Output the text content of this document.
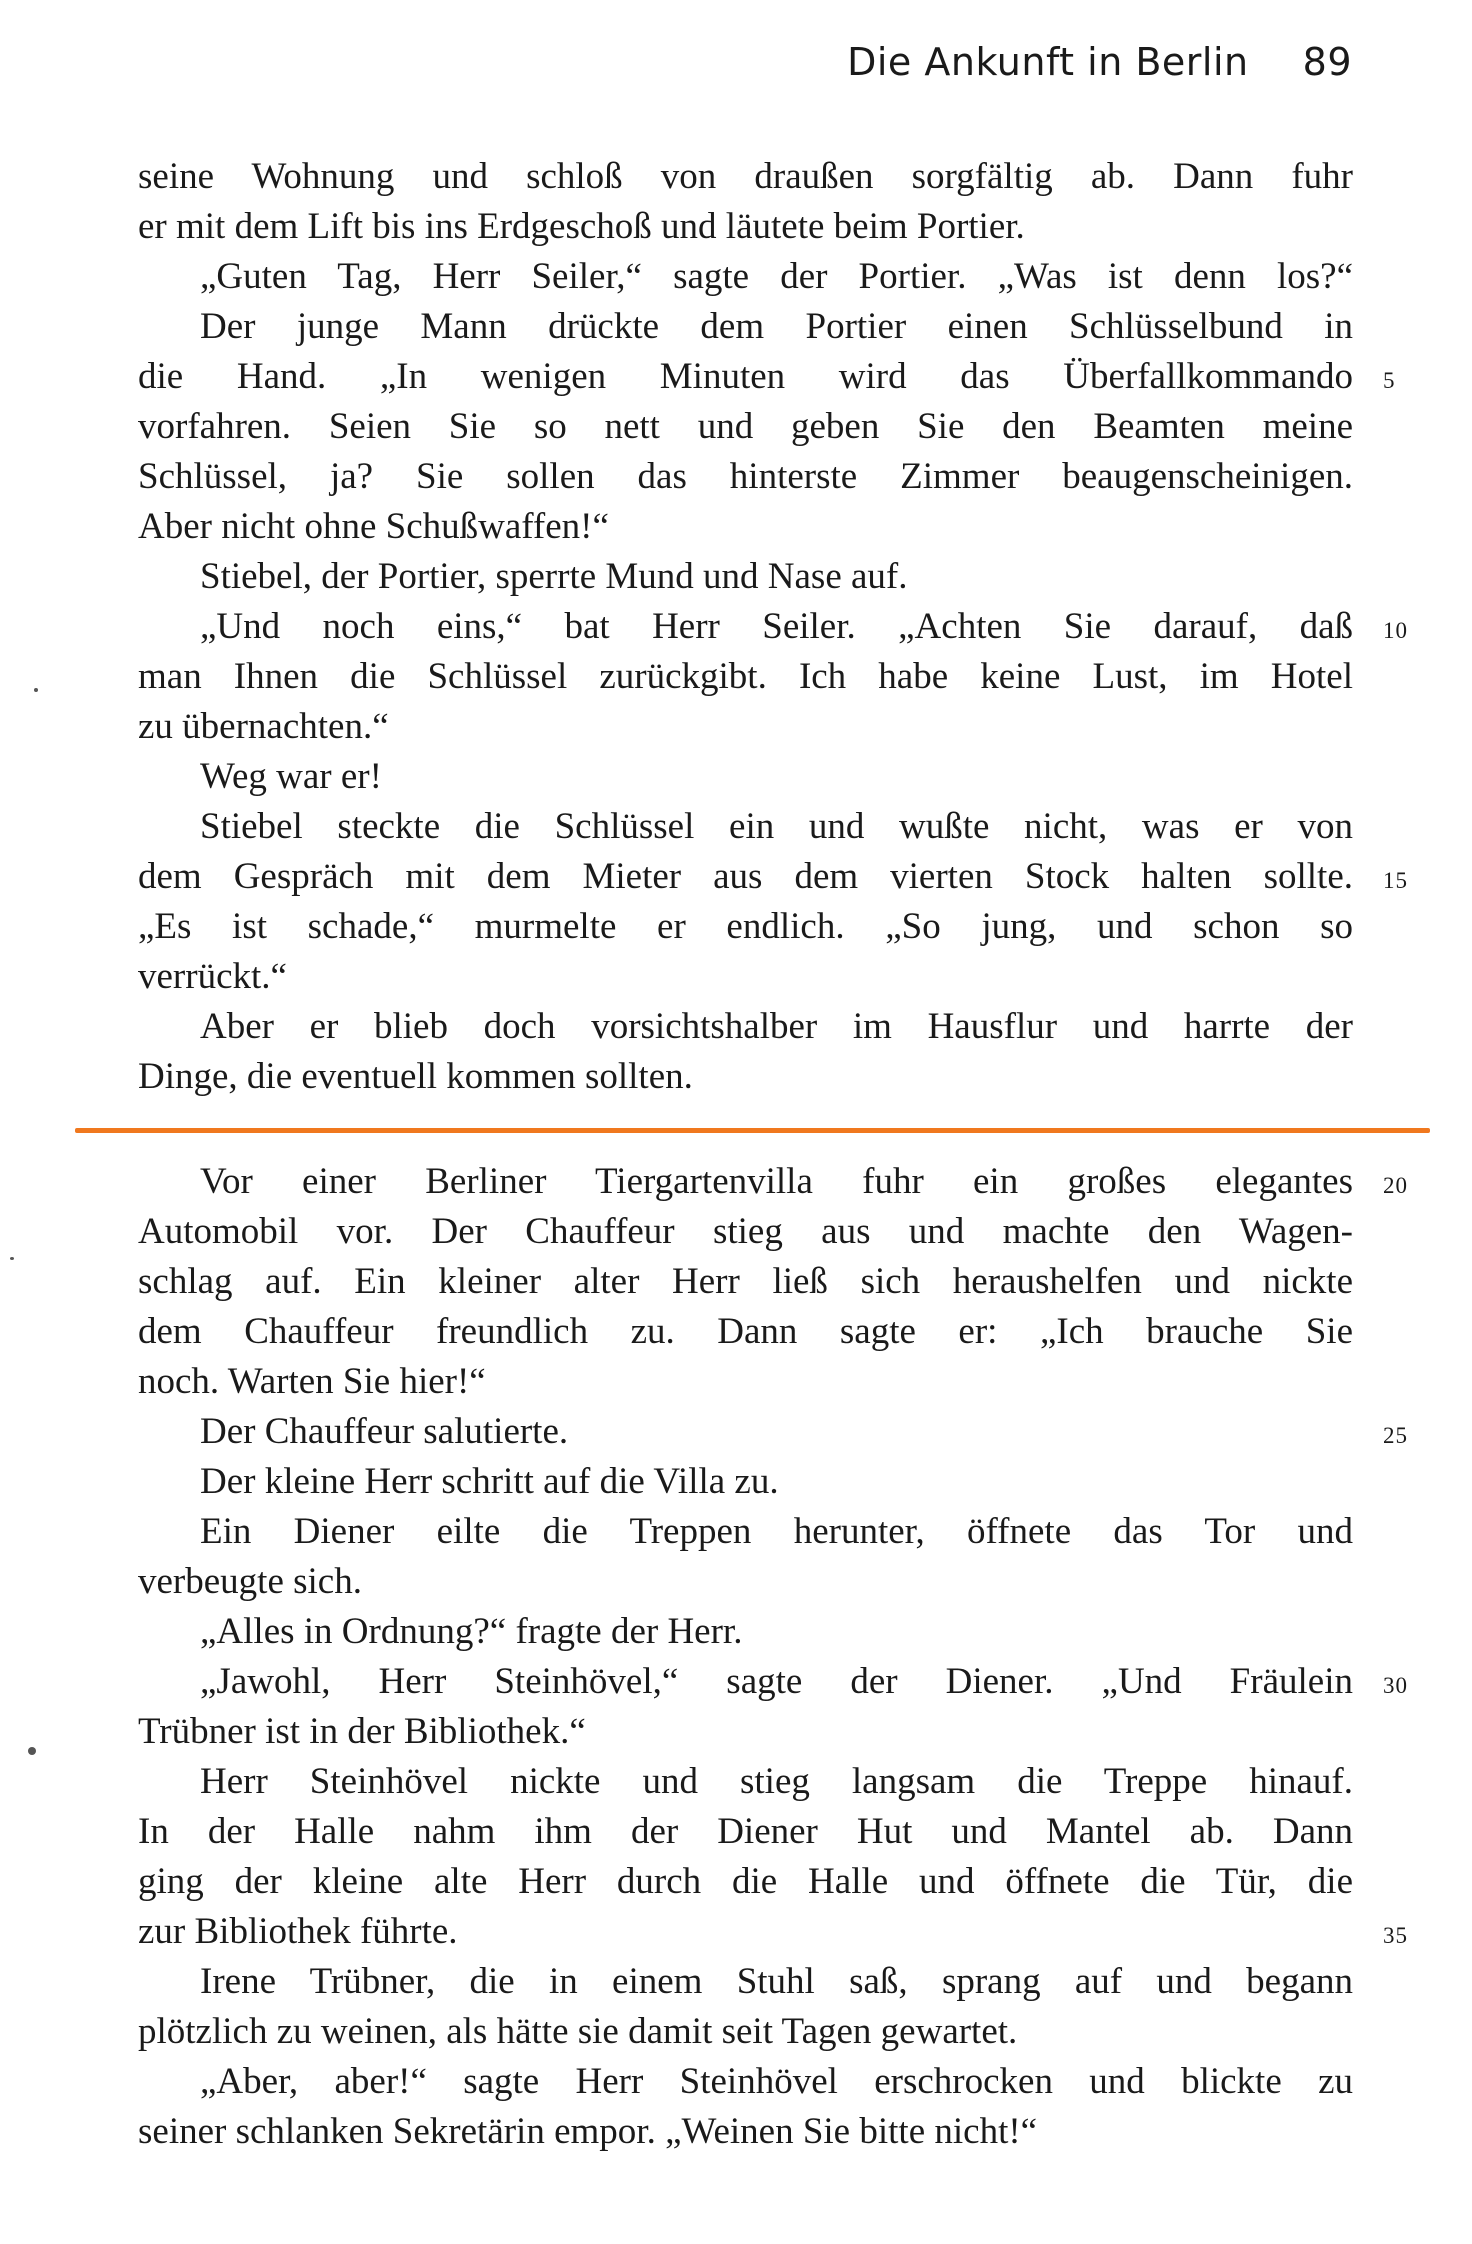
Die Ankunft in Berlin 89
seine Wohnung und schloß von draußen sorgfältig ab. Dann fuhr
er mit dem Lift bis ins Erdgeschoß und läutete beim Portier.
„Guten Tag, Herr Seiler,“ sagte der Portier. „Was ist denn los?“
Der junge Mann drückte dem Portier einen Schlüsselbund in
die Hand. „In wenigen Minuten wird das Überfallkommando 5
vorfahren. Seien Sie so nett und geben Sie den Beamten meine
Schlüssel, ja? Sie sollen das hinterste Zimmer beaugenscheinigen.
Aber nicht ohne Schußwaffen!“
Stiebel, der Portier, sperrte Mund und Nase auf.
„Und noch eins,“ bat Herr Seiler. „Achten Sie darauf, daß 10
man Ihnen die Schlüssel zurückgibt. Ich habe keine Lust, im Hotel
zu übernachten.“
Weg war er!
Stiebel steckte die Schlüssel ein und wußte nicht, was er von
dem Gespräch mit dem Mieter aus dem vierten Stock halten sollte. 15
„Es ist schade,“ murmelte er endlich. „So jung, und schon so
verrückt.“
Aber er blieb doch vorsichtshalber im Hausflur und harrte der
Dinge, die eventuell kommen sollten.
Vor einer Berliner Tiergartenvilla fuhr ein großes elegantes 20
Automobil vor. Der Chauffeur stieg aus und machte den Wagen-
schlag auf. Ein kleiner alter Herr ließ sich heraushelfen und nickte
dem Chauffeur freundlich zu. Dann sagte er: „Ich brauche Sie
noch. Warten Sie hier!“
Der Chauffeur salutierte.	25
Der kleine Herr schritt auf die Villa zu.
Ein Diener eilte die Treppen herunter, öffnete das Tor und
verbeugte sich.
„Alles in Ordnung?“ fragte der Herr.
„Jawohl, Herr Steinhövel,“ sagte der Diener. „Und Fräulein 30
Trübner ist in der Bibliothek.“
Herr Steinhövel nickte und stieg langsam die Treppe hinauf.
In der Halle nahm ihm der Diener Hut und Mantel ab. Dann
ging der kleine alte Herr durch die Halle und öffnete die Tür, die
zur Bibliothek führte.	35
Irene Trübner, die in einem Stuhl saß, sprang auf und begann
plötzlich zu weinen, als hätte sie damit seit Tagen gewartet.
„Aber, aber!“ sagte Herr Steinhövel erschrocken und blickte zu
seiner schlanken Sekretärin empor. „Weinen Sie bitte nicht!“
